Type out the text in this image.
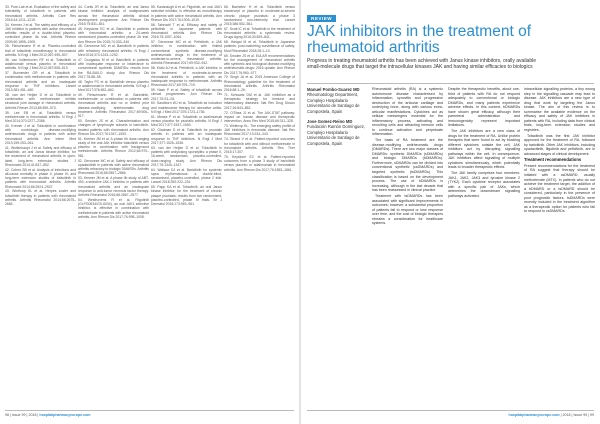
33. Pure-Lab et al. Evaluation of the safety and tolerability of tofacitinib in patients with rheumatoid arthritis. Arthritis Care Res 2016;44:1211–1219.

34. Kremer J et al. The safety and efficacy of a JAK inhibitor in patients with active rheumatoid arthritis: results of a double-blind placebo-controlled phase IIa trial. Arthritis Rheum 2009;60:1895–1905.

35. Fleischmann R et al. Placebo-controlled trial of tofacitinib monotherapy in rheumatoid arthritis. N Engl J Med 2012;367:495–507.

36. van Vollenhoven RF et al. Tofacitinib or adalimumab versus placebo in rheumatoid arthritis. N Engl J Med 2012;367:508–519.

37. Burmester GR et al. Tofacitinib in combination with methotrexate in patients with rheumatoid arthritis and an inadequate response to TNF inhibitors. Lancet 2013;381:451–460.

38. van der Heijde D et al. Tofacitinib in combination with methotrexate inhibits structural joint damage in rheumatoid arthritis. Arthritis Rheum 2013;65:559–570.

39. Lee EB et al. Tofacitinib versus methotrexate in rheumatoid arthritis. N Engl J Med 2014;370:2377–2386.

40. Kremer J et al. Tofacitinib in combination with nonbiologic disease-modifying antirheumatic drugs in patients with active rheumatoid arthritis. Ann Intern Med 2013;159:253–261.

41. Wollenhaupt J et al. Safety and efficacy of tofacitinib, an oral Janus kinase inhibitor, for the treatment of rheumatoid arthritis in open-label, long-term extension studies. J Rheumatol 2014;41:837–852.

42. Cohen SB et al. Analysis of infections and all-cause mortality in phase II, phase III, and long-term extension studies of tofacitinib in patients with rheumatoid arthritis. Arthritis Rheumatol 2014;66:2924–2937.

43. Winthrop KL et al. Herpes zoster and tofacitinib therapy in patients with rheumatoid arthritis. Arthritis Rheumatol 2014;66:2675–2684.

44. Curtis JR et al. Tofacitinib, an oral Janus kinase inhibitor: analysis of malignancies across the rheumatoid arthritis clinical development programme. Ann Rheum Dis 2016;75:831–841.

45. Keystone EC et al. Baricitinib in patients with rheumatoid arthritis: a 24-week randomised placebo-controlled phase 2b trial. Ann Rheum Dis 2015;74:333–340.

46. Genovese MC et al. Baricitinib in patients with refractory rheumatoid arthritis. N Engl J Med 2016;374:1243–1252.

47. Dougados M et al. Baricitinib in patients with inadequate response or intolerance to conventional synthetic DMARDs: results from the RA-BUILD study. Ann Rheum Dis 2017;76:88–95.

48. Taylor PC et al. Baricitinib versus placebo or adalimumab in rheumatoid arthritis. N Engl J Med 2017;376:652–662.

49. Fleischmann R et al. Baricitinib, methotrexate, or combination in patients with rheumatoid arthritis and no or limited prior disease-modifying antirheumatic drug treatment. Arthritis Rheumatol 2017;69:506–517.

50. Smolen JS et al. Characterisation and changes of lymphocyte subsets in baricitinib-treated patients with rheumatoid arthritis. Ann Rheum Dis 2017;76:1047–1053.

51. Kremer JM et al. A phase IIb dose-ranging study of the oral JAK inhibitor tofacitinib versus placebo in combination with background methotrexate. Arthritis Rheum 2012;64:970–981.

52. Genovese MC et al. Safety and efficacy of upadacitinib in patients with active rheumatoid arthritis refractory to biologic DMARDs. Arthritis Rheumatol 2016;68:2857–2866.

53. Kremer JM et al. A phase IIb study of ABT-494, a selective JAK-1 inhibitor, in patients with rheumatoid arthritis and an inadequate response to anti-tumor necrosis factor therapy. Arthritis Rheumatol 2016;68:2867–2877.

54. Westhovens R et al. Filgotinib (GLPG0634/GS-6034), an oral JAK1 selective inhibitor, is effective in combination with methotrexate in patients with active rheumatoid arthritis. Ann Rheum Dis 2017;76:998–1008.

55. Kavanaugh A et al. Filgotinib, an oral JAK1 selective inhibitor, is effective as monotherapy in patients with active rheumatoid arthritis. Ann Rheum Dis 2017;76:1009–1019.

56. Takeuchi T et al. Efficacy and safety of peficitinib in Japanese patients with rheumatoid arthritis. Ann Rheum Dis 2016;75:1057–1064.

57. Genovese MC et al. Peficitinib, a JAK inhibitor, in combination with limited conventional synthetic disease-modifying antirheumatic drugs in the treatment of moderate-to-severe rheumatoid arthritis. Arthritis Rheumatol 2017;69:932–942.

58. Kivitz AJ et al. Peficitinib, a JAK inhibitor, in the treatment of moderate-to-severe rheumatoid arthritis in patients with an inadequate response to methotrexate. Arthritis Rheumatol 2017;69:709–719.

59. Nash P et al. Safety of tofacitinib across clinical programmes. Ann Rheum Dis 2017;76:S1–S4.

60. Sandborn WJ et al. Tofacitinib as induction and maintenance therapy for ulcerative colitis. N Engl J Med 2017;376:1723–1736.

61. Mease P et al. Tofacitinib or adalimumab versus placebo for psoriatic arthritis. N Engl J Med 2017;377:1537–1550.

62. Gladman D et al. Tofacitinib for psoriatic arthritis in patients with an inadequate response to TNF inhibitors. N Engl J Med 2017;377:1525–1536.

63. van der Heijde D et al. Tofacitinib in patients with ankylosing spondylitis: a phase II, 16-week, randomised, placebo-controlled, dose-ranging study. Ann Rheum Dis 2017;76:1340–1347.

64. Wallace DJ et al. Baricitinib for systemic lupus erythematosus: a double-blind, randomised, placebo-controlled, phase 2 trial. Lancet 2018;392:222–231.

65. Papp KA et al. Tofacitinib, an oral Janus kinase inhibitor, for the treatment of chronic plaque psoriasis: results from two randomized, placebo-controlled, phase III trials. Br J Dermatol 2015;173:949–961.

66. Bachelez H et al. Tofacitinib versus etanercept or placebo in moderate-to-severe chronic plaque psoriasis: a phase 3 randomised non-inferiority trial. Lancet 2015;386:552–561.

67. Scott IC et al. Tofacitinib in the treatment of rheumatoid arthritis: a systematic review. Drugs Aging 2016;33:829–841.

68. Harigai M et al. Tofacitinib in Japanese patients: post-marketing surveillance of safety. Mod Rheumatol 2018;28:1–10.

69. Smolen JS et al. EULAR recommendations for the management of rheumatoid arthritis with synthetic and biological disease-modifying antirheumatic drugs: 2016 update. Ann Rheum Dis 2017;76:960–977.

70. Singh JA et al. 2015 American College of Rheumatology guideline for the treatment of rheumatoid arthritis. Arthritis Rheumatol 2016;68:1–26.

71. Schwartz DM et al. JAK inhibition as a therapeutic strategy for immune and inflammatory diseases. Nat Rev Drug Discov 2017;16:843–862.

72. O'Shea JJ et al. The JAK-STAT pathway: impact on human disease and therapeutic intervention. Annu Rev Med 2015;66:311–328.

73. Winthrop KL. The emerging safety profile of JAK inhibitors in rheumatic disease. Nat Rev Rheumatol 2017;13:234–243.

74. Strand V et al. Patient-reported outcomes for tofacitinib with and without methotrexate in rheumatoid arthritis. Arthritis Res Ther 2015;17:307.

75. Keystone EC et al. Patient-reported outcomes from a phase 3 study of baricitinib versus placebo or adalimumab in rheumatoid arthritis. Ann Rheum Dis 2017;76:1853–1861.

98 | Issue 99 | 2018 | hospitalpharmacyeurope.com
REVIEW
JAK inhibitors in the treatment of rheumatoid arthritis

Progress in treating rheumatoid arthritis has been achieved with Janus kinase inhibitors, orally available small-molecule drugs that target the intracellular kinases JAK and having similar efficacies to biologics

Manuel Pombo-Suarez MD
Rheumatology Department, Complejo Hospitalario Universitario de Santiago de Compostela, Spain
Jose Gomez-Reino MD
Fundación Ramón Domínguez, Complejo Hospitalario Universitario de Santiago de Compostela, Spain

Rheumatoid arthritis (RA) is a systemic autoimmune disease characterised by inflammation, synovitis and progressive destruction of the articular cartilage and underlying bone, along with various extra-articular manifestations. Cytokines act as cellular messengers essential for the inflammatory process, activating and recruiting cells and attracting immune cells to continue activation and perpetuate inflammation.

The basis of RA treatment are the disease-modifying antirheumatic drugs (DMARDs). There are two major classes of DMARDs: synthetic DMARDs (sDMARDs) and biologic DMARDs (bDMARDs). Furthermore, sDMARDs can be divided into conventional synthetic (csDMARDs) and targeted synthetic (tsDMARDs). This classification is based on the development process. The use of bDMARDs is increasing, although in the last decade that has been reassessed in clinical practice.

Treatment with tsDMARDs has been associated with significant improvements in outcomes; however, a substantial proportion of patients fail to respond or lose response over time, and the cost of biologic therapies remains a consideration for healthcare systems.

Despite the therapeutic benefits, about one-third of patients with RA do not respond adequately to conventional or biologic DMARDs, and many patients experience adverse effects. In this context, bDMARDs have shown great efficacy, although their parenteral administration and immunogenicity represent important limitations.

The JAK inhibitors are a new class of drugs for the treatment of RA. Unlike protein therapies that were found to act by blocking different cytokines outside the cell, JAK inhibitors act by disrupting signalling pathways within the cell. In consequence, JAK inhibitors affect signalling of multiple cytokines simultaneously, which potentially leads to broader therapeutic effects.

The JAK family comprises four members: JAK1, JAK2, JAK3 and tyrosine kinase 2 (TYK2). Each cytokine receptor associates with a specific pair of JAKs, which determines the downstream signalling pathways activated.

intracellular signalling proteins, a tiny wrong step in the signalling cascade may lead to disease. JAK inhibitors are a new type of drug that work by targeting the Janus kinase. The aim of this review is to summarise the available evidence on the efficacy and safety of JAK inhibitors in patients with RA, including data from clinical trials, long-term extension studies and registries.

Tofacitinib was the first JAK inhibitor approved for the treatment of RA, followed by baricitinib. Other JAK inhibitors, including upadacitinib, filgotinib and peficitinib, are in advanced stages of clinical development.

Treatment recommendations

Present recommendations for the treatment of RA suggest that therapy should be initiated with a csDMARD, usually methotrexate (MTX). In patients who do not achieve the treatment target, the addition of a bDMARD or a tsDMARD should be considered, particularly in the presence of poor prognostic factors. tsDMARDs were recently included in the treatment algorithm as a therapeutic option for patients who fail to respond to csDMARDs.

hospitalpharmacyeurope.com | 2018 | Issue 99 | 99
